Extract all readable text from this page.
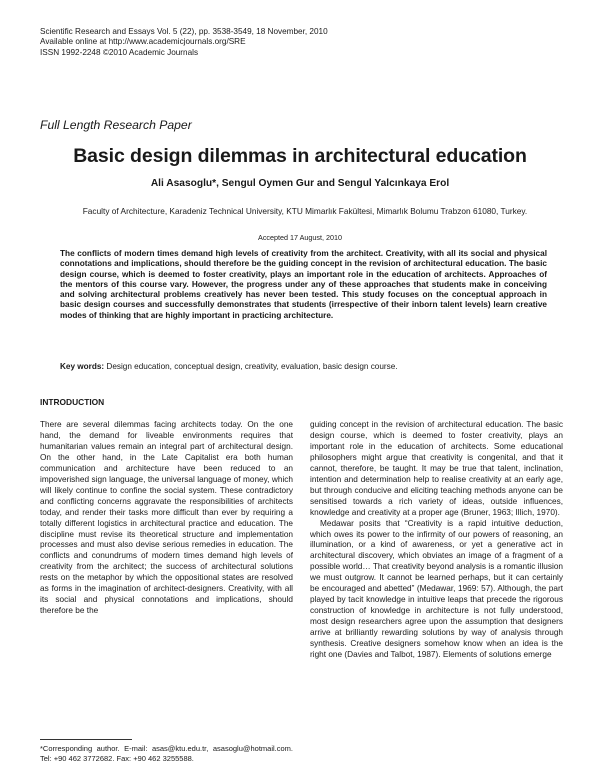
Scientific Research and Essays Vol. 5 (22), pp. 3538-3549, 18 November, 2010
Available online at http://www.academicjournals.org/SRE
ISSN 1992-2248 ©2010 Academic Journals
Full Length Research Paper
Basic design dilemmas in architectural education
Ali Asasoglu*, Sengul Oymen Gur and Sengul Yalcınkaya Erol
Faculty of Architecture, Karadeniz Technical University, KTU Mimarlık Fakültesi, Mimarlık Bolumu Trabzon 61080, Turkey.
Accepted 17 August, 2010
The conflicts of modern times demand high levels of creativity from the architect. Creativity, with all its social and physical connotations and implications, should therefore be the guiding concept in the revision of architectural education. The basic design course, which is deemed to foster creativity, plays an important role in the education of architects. Approaches of the mentors of this course vary. However, the progress under any of these approaches that students make in conceiving and solving architectural problems creatively has never been tested. This study focuses on the conceptual approach in basic design courses and successfully demonstrates that students (irrespective of their inborn talent levels) learn creative modes of thinking that are highly important in practicing architecture.
Key words: Design education, conceptual design, creativity, evaluation, basic design course.
INTRODUCTION

There are several dilemmas facing architects today. On the one hand, the demand for liveable environments requires that humanitarian values remain an integral part of architectural design. On the other hand, in the Late Capitalist era both human communication and architecture have been reduced to an impoverished sign language, the universal language of money, which will likely continue to confine the social system. These contradictory and conflicting concerns aggravate the responsibilities of architects today, and render their tasks more difficult than ever by requiring a totally different logistics in architectural practice and education. The discipline must revise its theoretical structure and implementation processes and must also devise serious remedies in education. The conflicts and conundrums of modern times demand high levels of creativity from the architect; the success of architectural solutions rests on the metaphor by which the oppositional states are resolved as forms in the imagination of architect-designers. Creativity, with all its social and physical connotations and implications, should therefore be the

guiding concept in the revision of architectural education. The basic design course, which is deemed to foster creativity, plays an important role in the education of architects. Some educational philosophers might argue that creativity is congenital, and that it cannot, therefore, be taught. It may be true that talent, inclination, intention and determination help to realise creativity at an early age, but through conducive and eliciting teaching methods anyone can be sensitised towards a rich variety of ideas, outside influences, knowledge and creativity at a proper age (Bruner, 1963; Illich, 1970).

Medawar posits that “Creativity is a rapid intuitive deduction, which owes its power to the infirmity of our powers of reasoning, an illumination, or a kind of awareness, or yet a generative act in architectural discovery, which obviates an image of a fragment of a possible world… That creativity beyond analysis is a romantic illusion we must outgrow. It cannot be learned perhaps, but it can certainly be encouraged and abetted” (Medawar, 1969: 57). Although, the part played by tacit knowledge in intuitive leaps that precede the rigorous construction of knowledge in architecture is not fully understood, most design researchers agree upon the assumption that designers arrive at brilliantly rewarding solutions by way of analysis through synthesis. Creative designers somehow know when an idea is the right one (Davies and Talbot, 1987). Elements of solutions emerge

*Corresponding author. E-mail: asas@ktu.edu.tr, asasoglu@hotmail.com. Tel: +90 462 3772682. Fax: +90 462 3255588.
